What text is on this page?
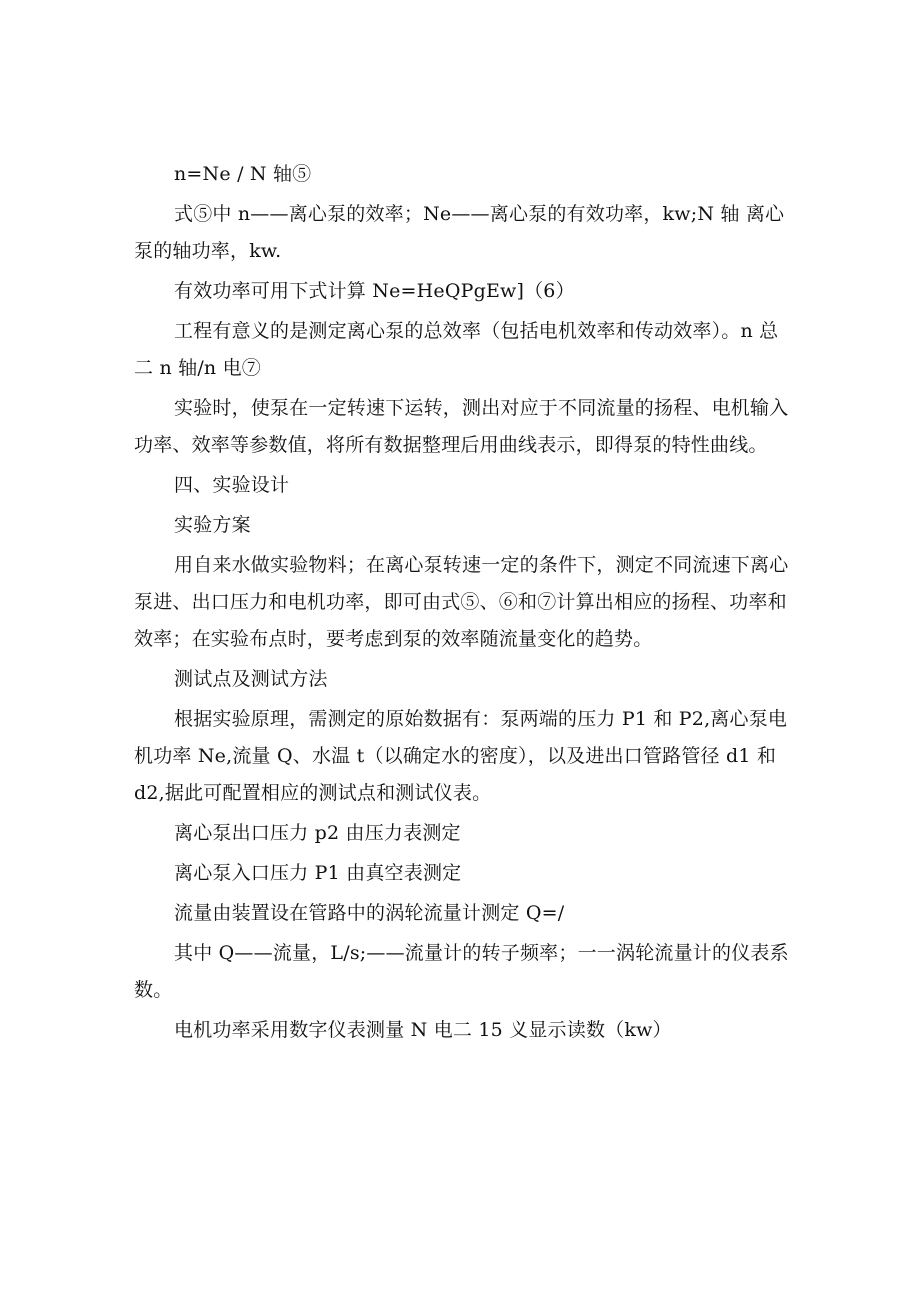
n=Ne / N 轴⑤

式⑤中 n——离心泵的效率；Ne——离心泵的有效功率，kw;N 轴 离心泵的轴功率，kw.

有效功率可用下式计算 Ne=HeQPgEw]（6）

工程有意义的是测定离心泵的总效率（包括电机效率和传动效率）。n 总二 n 轴/n 电⑦

实验时，使泵在一定转速下运转，测出对应于不同流量的扬程、电机输入功率、效率等参数值，将所有数据整理后用曲线表示，即得泵的特性曲线。

四、实验设计

实验方案

用自来水做实验物料；在离心泵转速一定的条件下，测定不同流速下离心泵进、出口压力和电机功率，即可由式⑤、⑥和⑦计算出相应的扬程、功率和效率；在实验布点时，要考虑到泵的效率随流量变化的趋势。

测试点及测试方法

根据实验原理，需测定的原始数据有：泵两端的压力 P1 和 P2,离心泵电机功率 Ne,流量 Q、水温 t（以确定水的密度），以及进出口管路管径 d1 和 d2,据此可配置相应的测试点和测试仪表。

离心泵出口压力 p2 由压力表测定

离心泵入口压力 P1 由真空表测定

流量由装置设在管路中的涡轮流量计测定 Q=/

其中 Q——流量，L/s;——流量计的转子频率；一一涡轮流量计的仪表系数。

电机功率采用数字仪表测量 N 电二 15 义显示读数（kw）
